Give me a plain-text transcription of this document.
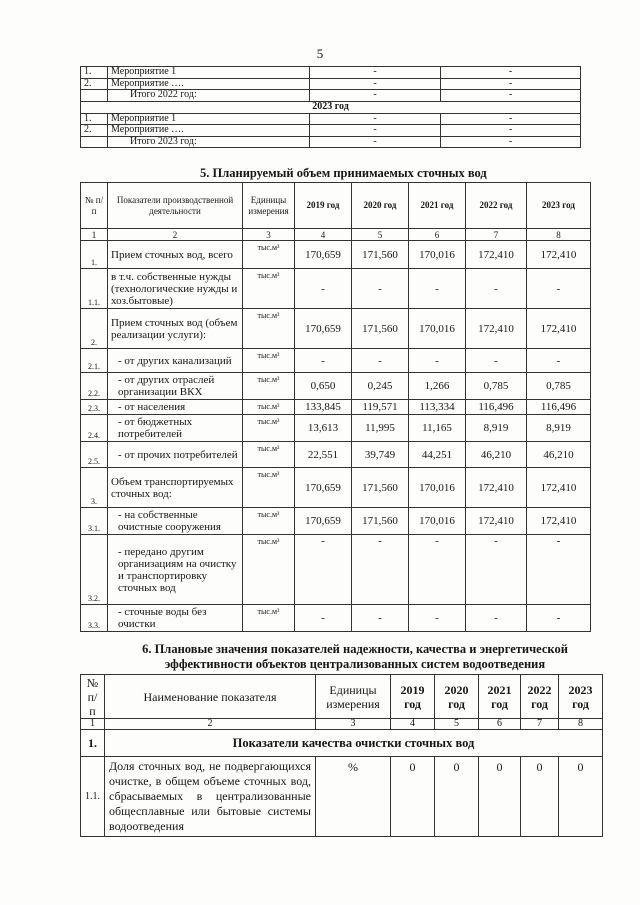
5
1.	Мероприятие 1	-	-
2.	Мероприятие ….	-	-
	Итого 2022 год:	-	-
2023 год			
1.	Мероприятие 1	-	-
2.	Мероприятие ….	-	-
	Итого 2023 год:	-	-
5. Планируемый объем принимаемых сточных вод
№ п/п	Показатели производственной деятельности	Единицы измерения	2019 год	2020 год	2021 год	2022 год	2023 год
1	2	3	4	5	6	7	8
1.	Прием сточных вод, всего	тыс.м³	170,659	171,560	170,016	172,410	172,410
1.1.	в т.ч. собственные нужды (технологические нужды и хоз.бытовые)	тыс.м³	-	-	-	-	-
2.	Прием сточных вод (объем реализации услуги):	тыс.м³	170,659	171,560	170,016	172,410	172,410
2.1.	- от других канализаций	тыс.м³	-	-	-	-	-
2.2.	- от других отраслей организации ВКХ	тыс.м³	0,650	0,245	1,266	0,785	0,785
2.3.	- от населения	тыс.м³	133,845	119,571	113,334	116,496	116,496
2.4.	- от бюджетных потребителей	тыс.м³	13,613	11,995	11,165	8,919	8,919
2.5.	- от прочих потребителей	тыс.м³	22,551	39,749	44,251	46,210	46,210
3.	Объем транспортируемых сточных вод:	тыс.м³	170,659	171,560	170,016	172,410	172,410
3.1.	- на собственные очистные сооружения	тыс.м³	170,659	171,560	170,016	172,410	172,410
3.2.	- передано другим организациям на очистку и транспортировку сточных вод	тыс.м³	-	-	-	-	-
3.3.	- сточные воды без очистки	тыс.м³	-	-	-	-	-
6. Плановые значения показателей надежности, качества и энергетической
эффективности объектов централизованных систем водоотведения
№ п/ п	Наименование показателя	Единицы измерения	2019 год	2020 год	2021 год	2022 год	2023 год
1	2	3	4	5	6	7	8
1.	Показатели качества очистки сточных вод						
1.1.	Доля сточных вод, не подвергающихся очистке, в общем объеме сточных вод, сбрасываемых в централизованные общесплавные или бытовые системы водоотведения	%	0	0	0	0	0
